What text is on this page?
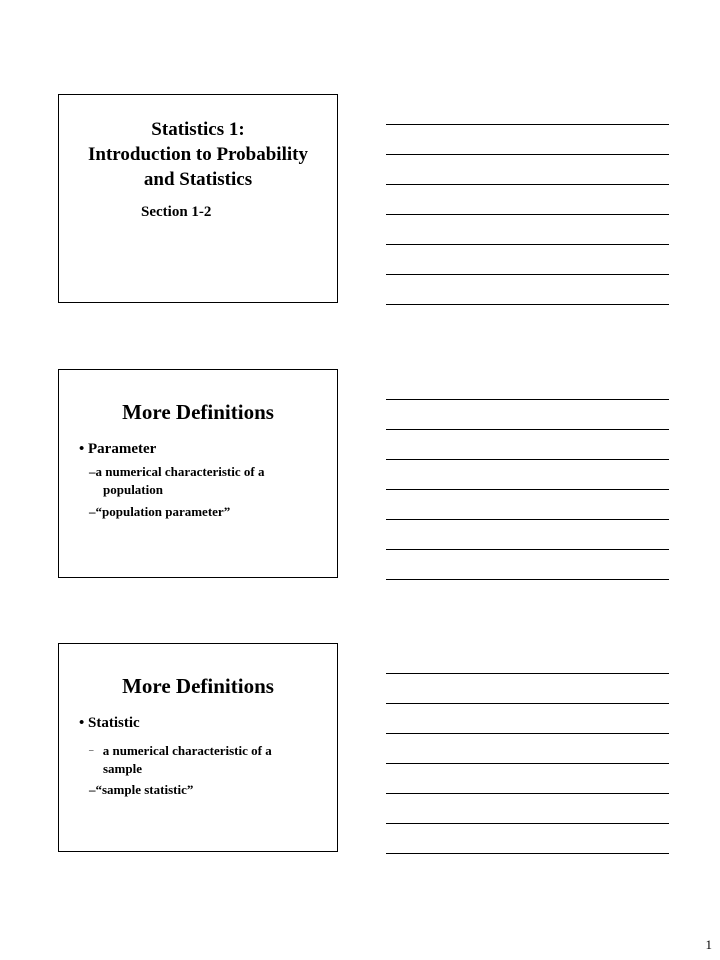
Statistics 1:
Introduction to Probability
and Statistics
Section 1-2
More Definitions
• Parameter
–a numerical characteristic of a
population
–“population parameter”
More Definitions
• Statistic
– a numerical characteristic of a
sample
–“sample statistic”
1
